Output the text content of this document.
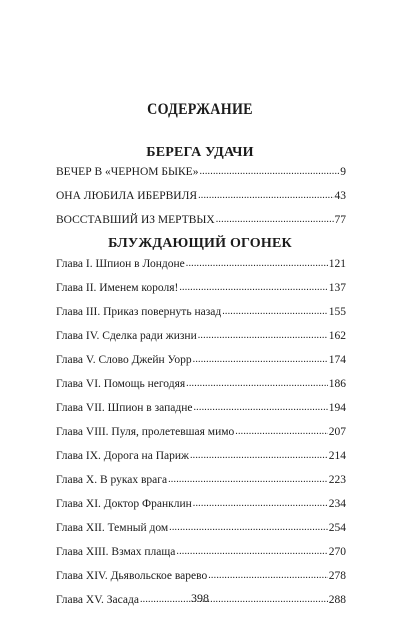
СОДЕРЖАНИЕ
БЕРЕГА УДАЧИ
ВЕЧЕР В «ЧЕРНОМ БЫКЕ» .....	9
ОНА ЛЮБИЛА ИБЕРВИЛЯ .....	43
ВОССТАВШИЙ ИЗ МЕРТВЫХ .....	77
БЛУЖДАЮЩИЙ ОГОНЕК
Глава I. Шпион в Лондоне .....	121
Глава II. Именем короля! .....	137
Глава III. Приказ повернуть назад .....	155
Глава IV. Сделка ради жизни .....	162
Глава V. Слово Джейн Уорр .....	174
Глава VI. Помощь негодяя .....	186
Глава VII. Шпион в западне .....	194
Глава VIII. Пуля, пролетевшая мимо .....	207
Глава IX. Дорога на Париж .....	214
Глава X. В руках врага .....	223
Глава XI. Доктор Франклин .....	234
Глава XII. Темный дом .....	254
Глава XIII. Взмах плаща .....	270
Глава XIV. Дьявольское варево .....	278
Глава XV. Засада .....	288
398
